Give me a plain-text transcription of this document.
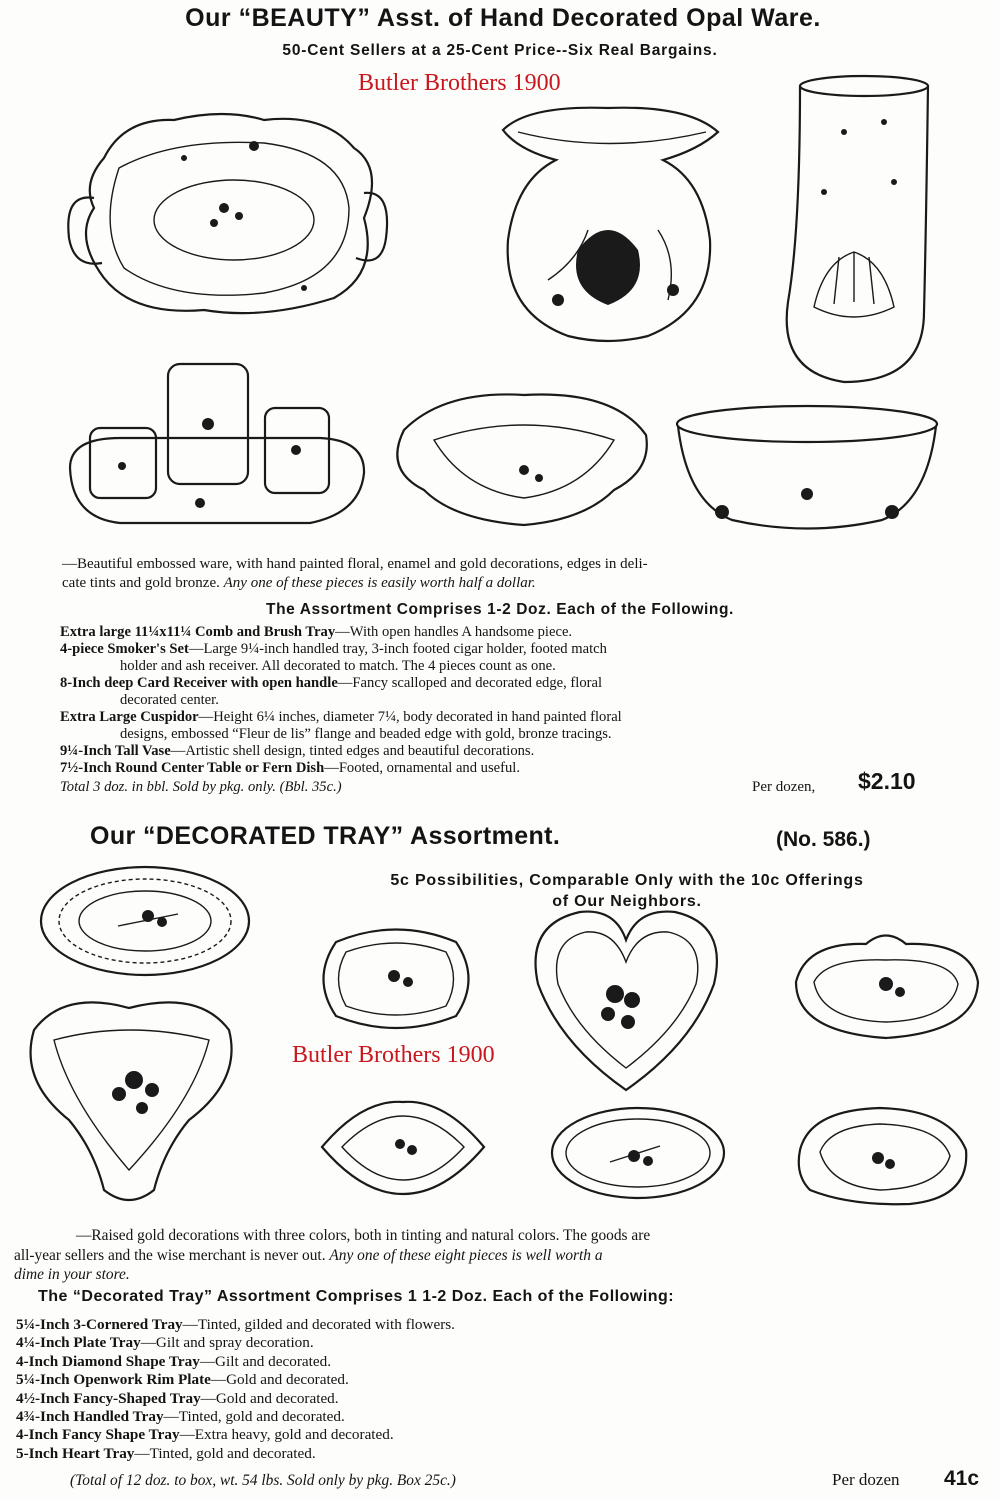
Our “BEAUTY” Asst. of Hand Decorated Opal Ware.
50-Cent Sellers at a 25-Cent Price--Six Real Bargains.
Butler Brothers 1900
—Beautiful embossed ware, with hand painted floral, enamel and gold decorations, edges in deli-
cate tints and gold bronze. Any one of these pieces is easily worth half a dollar.
The Assortment Comprises 1-2 Doz. Each of the Following.
Extra large 11¼x11¼ Comb and Brush Tray—With open handles A handsome piece.
4-piece Smoker's Set—Large 9¼-inch handled tray, 3-inch footed cigar holder, footed match
holder and ash receiver. All decorated to match. The 4 pieces count as one.
8-Inch deep Card Receiver with open handle—Fancy scalloped and decorated edge, floral
decorated center.
Extra Large Cuspidor—Height 6¼ inches, diameter 7¼, body decorated in hand painted floral
designs, embossed “Fleur de lis” flange and beaded edge with gold, bronze tracings.
9¼-Inch Tall Vase—Artistic shell design, tinted edges and beautiful decorations.
7½-Inch Round Center Table or Fern Dish—Footed, ornamental and useful.
Total 3 doz. in bbl. Sold by pkg. only. (Bbl. 35c.)	Per dozen, $2.10
Our “DECORATED TRAY” Assortment.	(No. 586.)
5c Possibilities, Comparable Only with the 10c Offerings
of Our Neighbors.
Butler Brothers 1900
—Raised gold decorations with three colors, both in tinting and natural colors. The goods are
all-year sellers and the wise merchant is never out. Any one of these eight pieces is well worth a
dime in your store.
The “Decorated Tray” Assortment Comprises 1 1-2 Doz. Each of the Following:
5¼-Inch 3-Cornered Tray—Tinted, gilded and decorated with flowers.
4¼-Inch Plate Tray—Gilt and spray decoration.
4-Inch Diamond Shape Tray—Gilt and decorated.
5¼-Inch Openwork Rim Plate—Gold and decorated.
4½-Inch Fancy-Shaped Tray—Gold and decorated.
4¾-Inch Handled Tray—Tinted, gold and decorated.
4-Inch Fancy Shape Tray—Extra heavy, gold and decorated.
5-Inch Heart Tray—Tinted, gold and decorated.
(Total of 12 doz. to box, wt. 54 lbs. Sold only by pkg. Box 25c.)	Per dozen 41c
